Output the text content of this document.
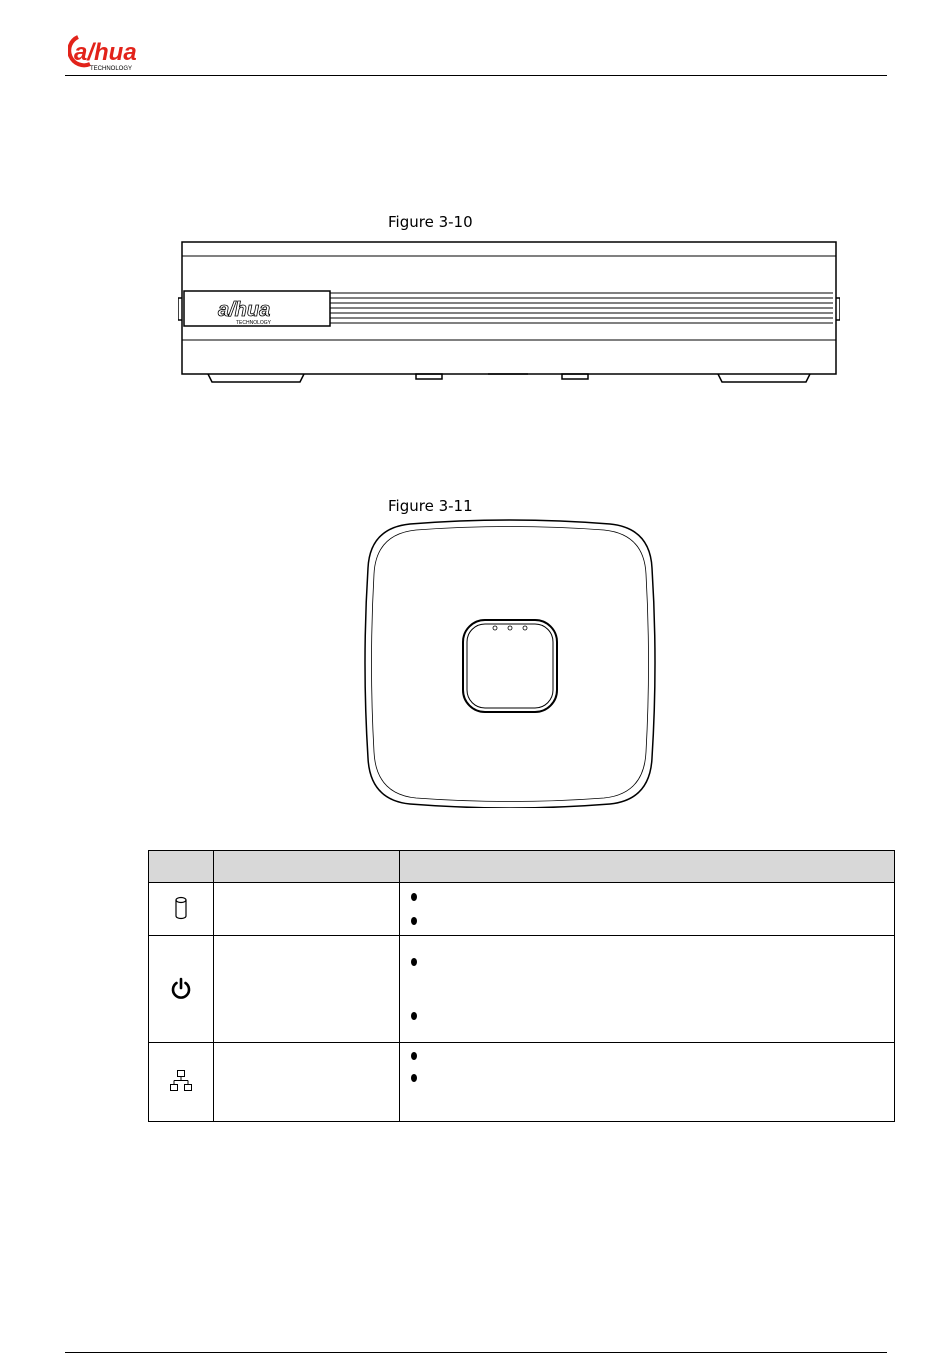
a/hua
TECHNOLOGY
Figure 3-10
a/hua
TECHNOLOGY
Figure 3-11
